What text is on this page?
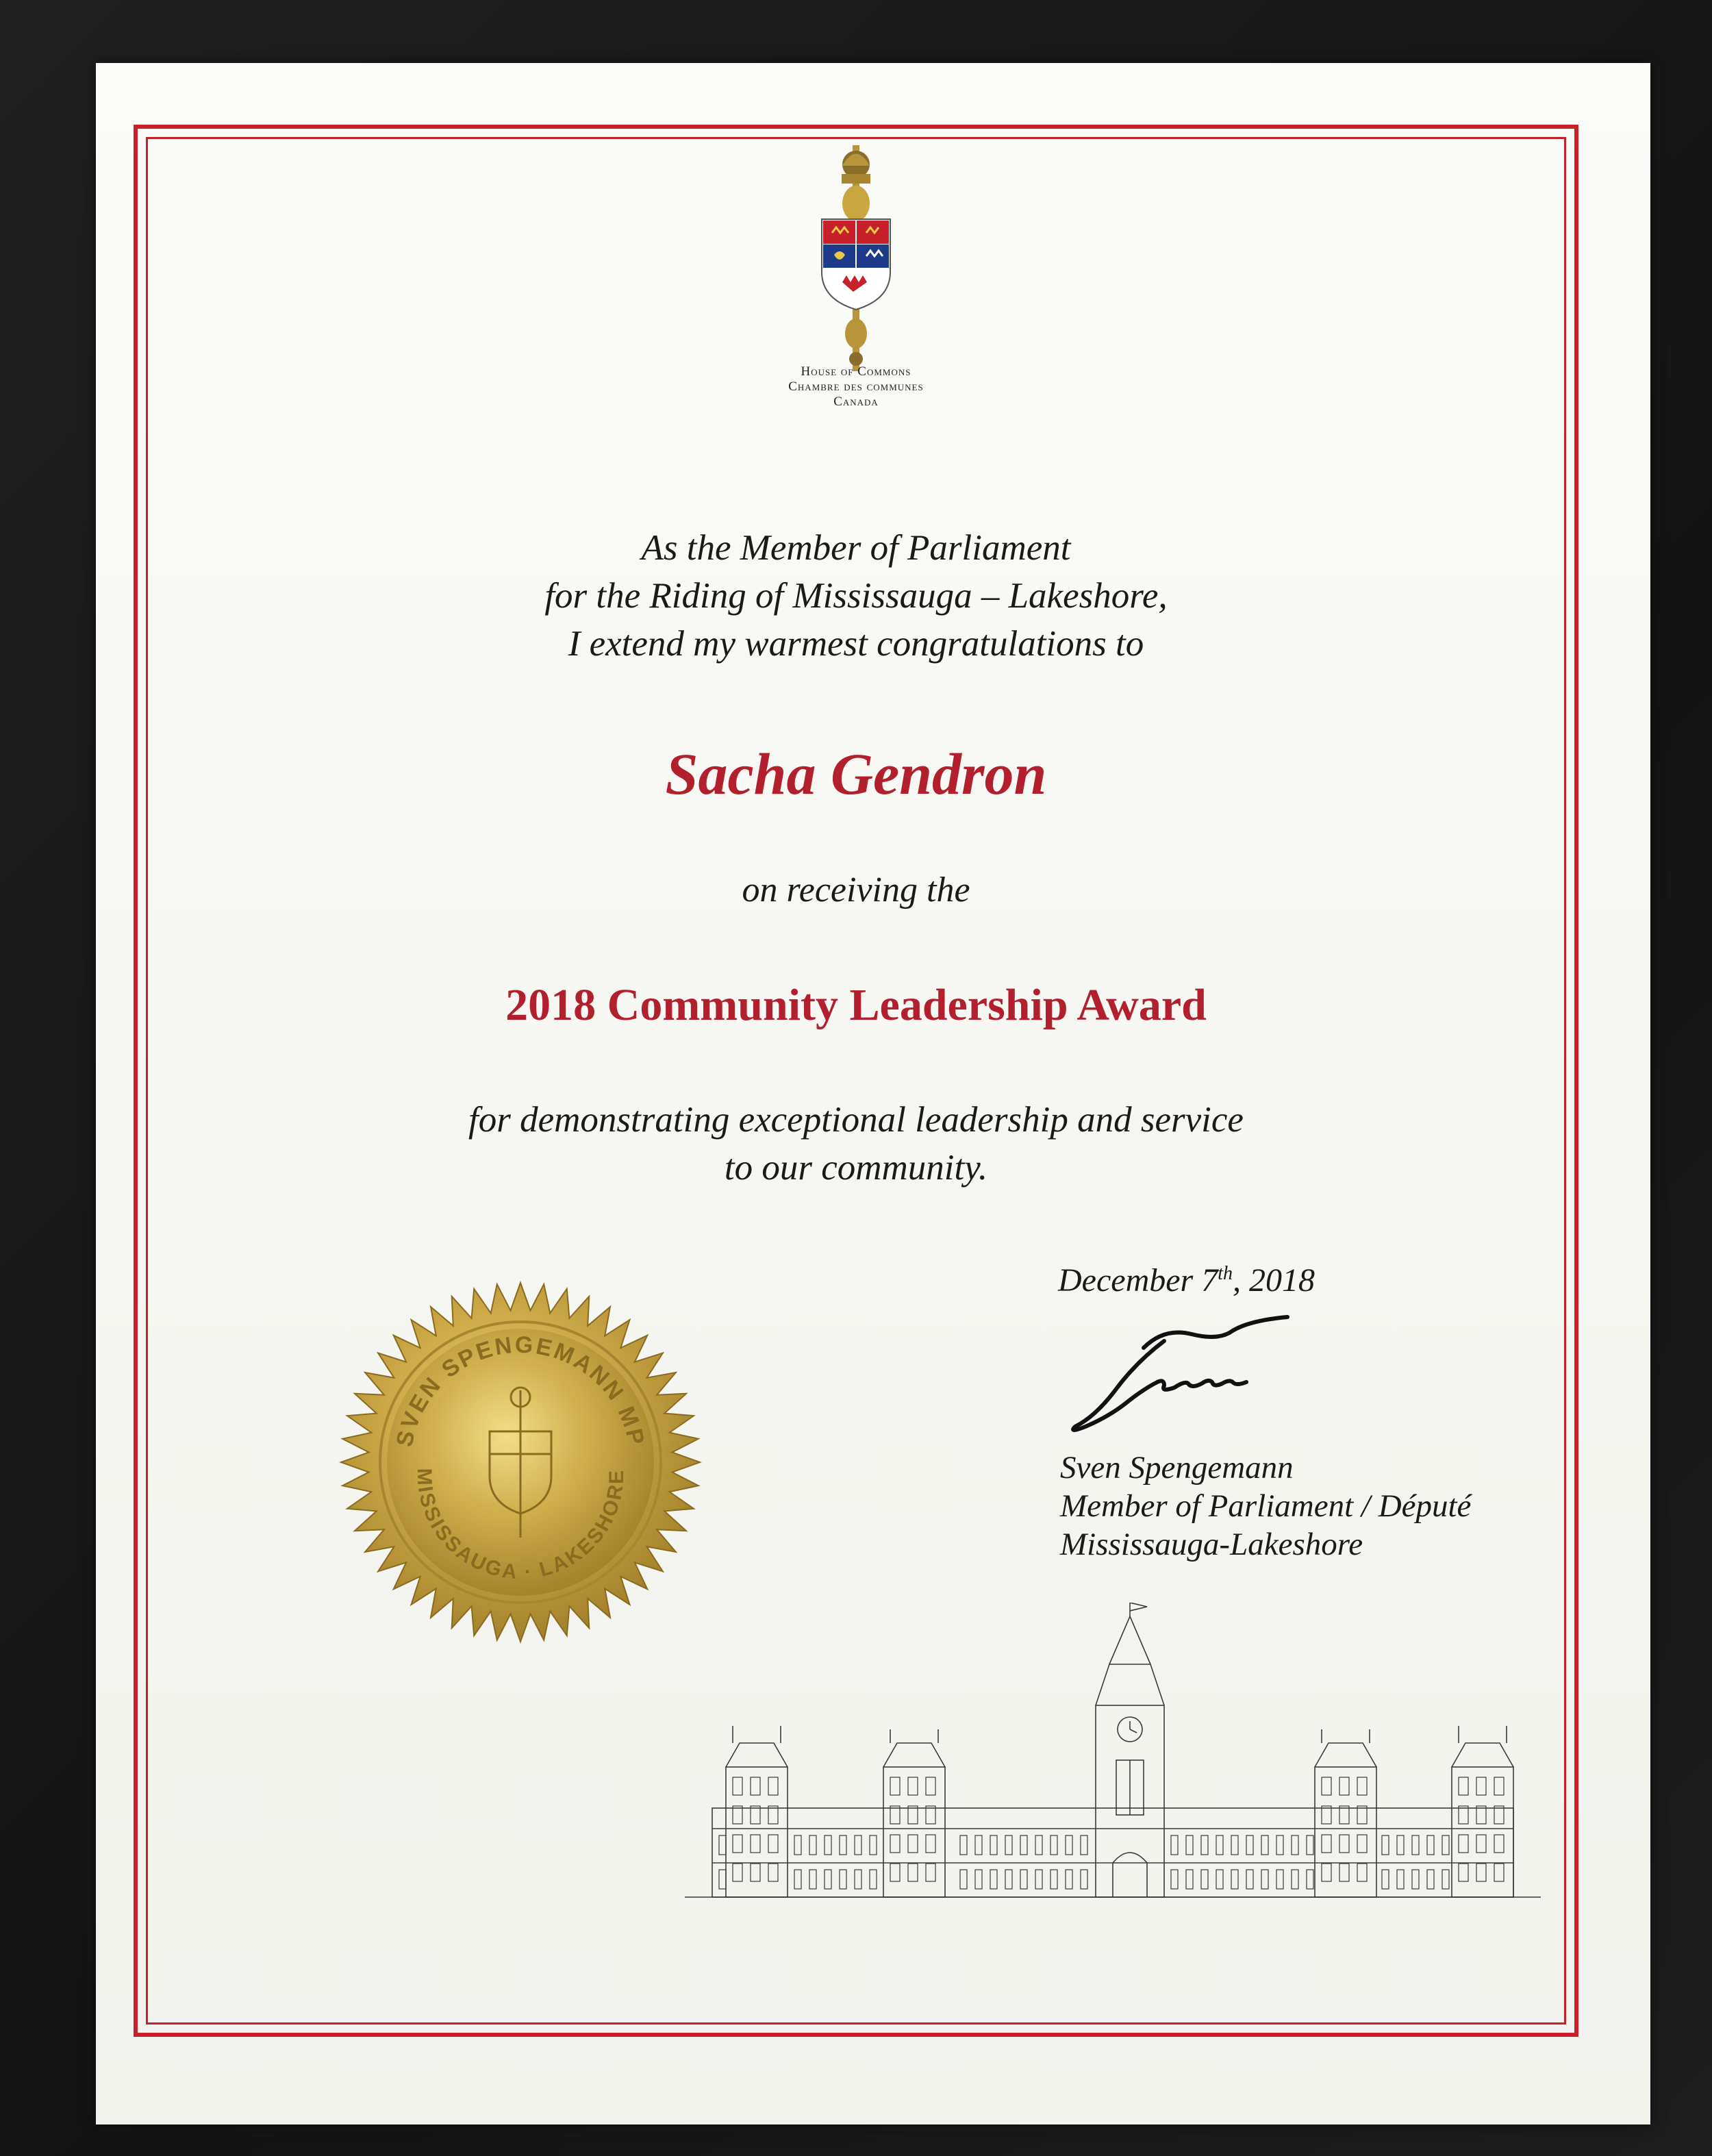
House of Commons
Chambre des communes
Canada
As the Member of Parliament
for the Riding of Mississauga – Lakeshore,
I extend my warmest congratulations to
Sacha Gendron
on receiving the
2018 Community Leadership Award
for demonstrating exceptional leadership and service
to our community.
December 7th, 2018
Sven Spengemann
Member of Parliament / Député
Mississauga-Lakeshore
SVEN SPENGEMANN MP
MISSISSAUGA · LAKESHORE
